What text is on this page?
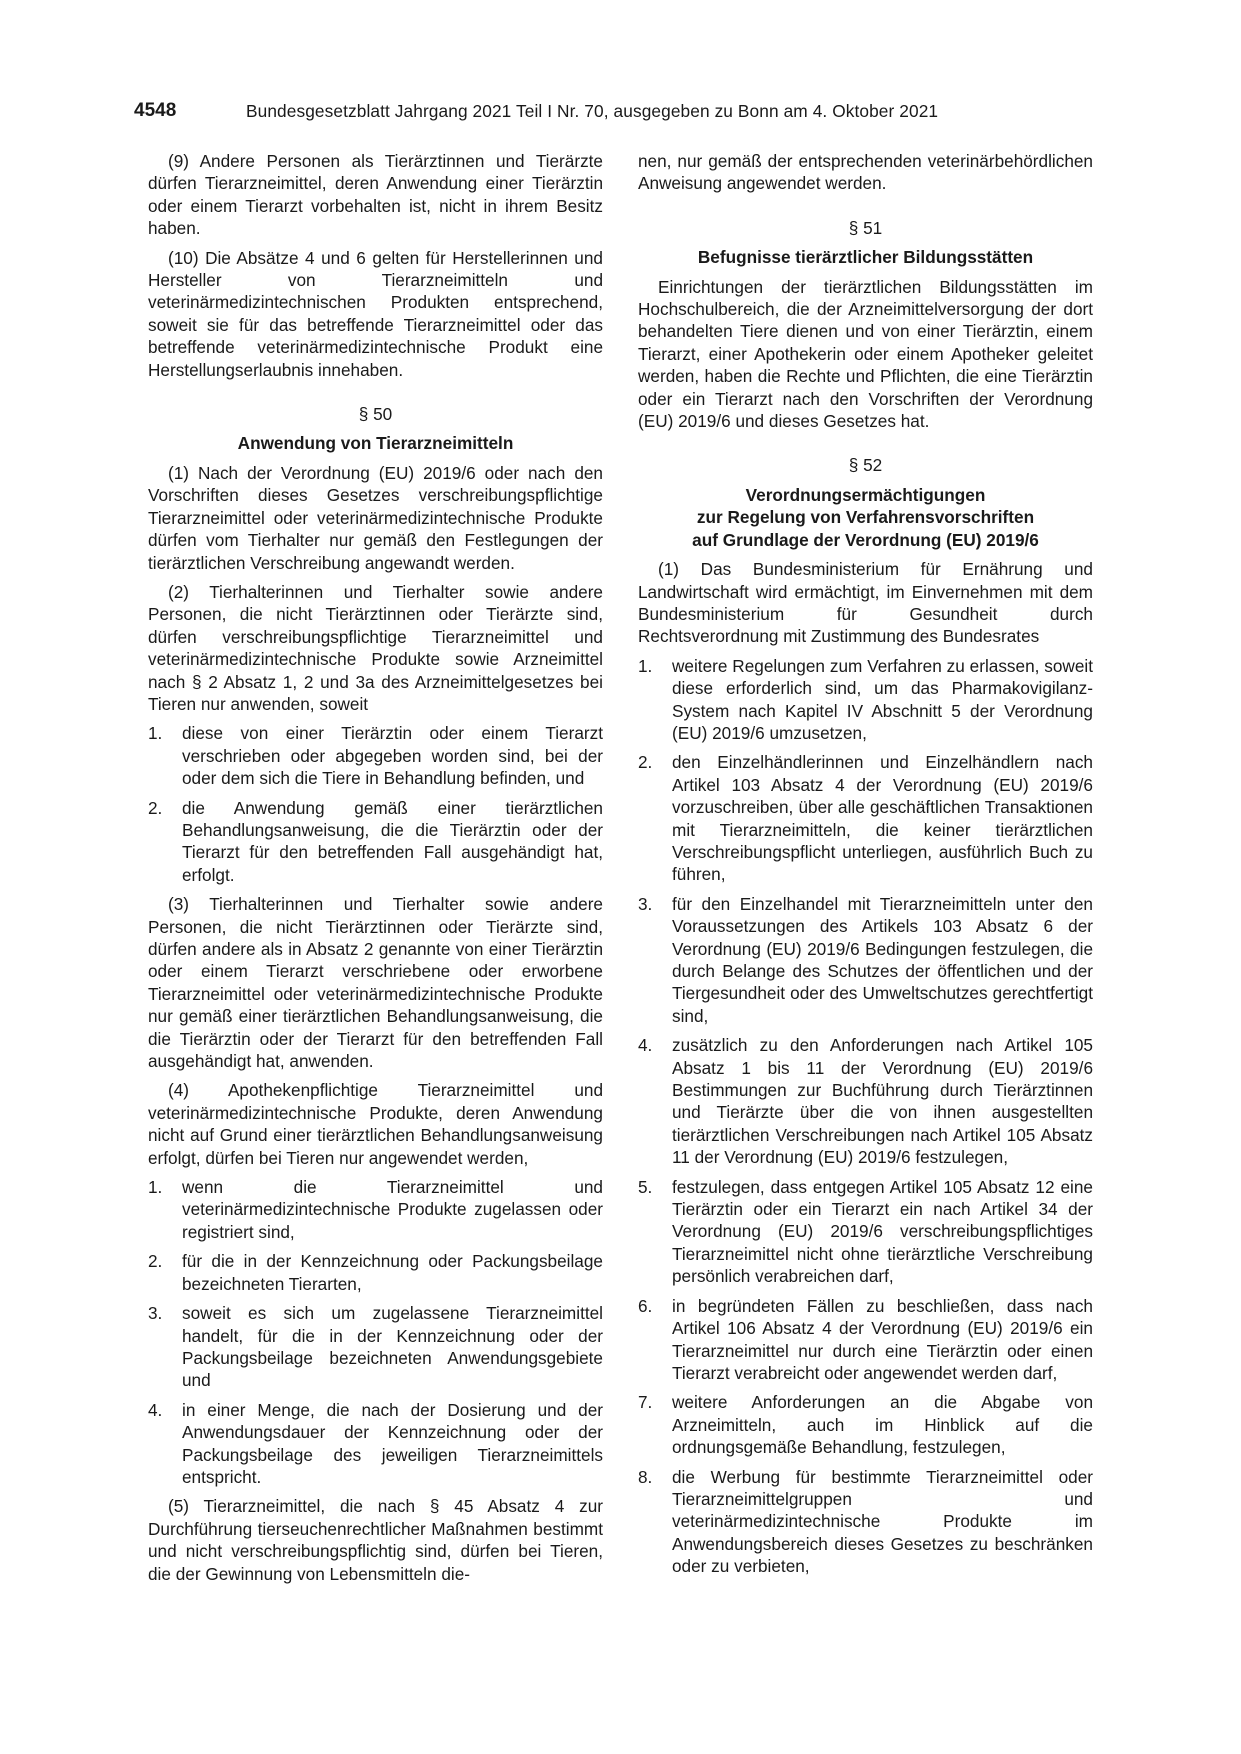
4548	Bundesgesetzblatt Jahrgang 2021 Teil I Nr. 70, ausgegeben zu Bonn am 4. Oktober 2021

(9) Andere Personen als Tierärztinnen und Tierärzte dürfen Tierarzneimittel, deren Anwendung einer Tierärztin oder einem Tierarzt vorbehalten ist, nicht in ihrem Besitz haben.

(10) Die Absätze 4 und 6 gelten für Herstellerinnen und Hersteller von Tierarzneimitteln und veterinärmedizintechnischen Produkten entsprechend, soweit sie für das betreffende Tierarzneimittel oder das betreffende veterinärmedizintechnische Produkt eine Herstellungserlaubnis innehaben.

§ 50

Anwendung von Tierarzneimitteln

(1) Nach der Verordnung (EU) 2019/6 oder nach den Vorschriften dieses Gesetzes verschreibungspflichtige Tierarzneimittel oder veterinärmedizintechnische Produkte dürfen vom Tierhalter nur gemäß den Festlegungen der tierärztlichen Verschreibung angewandt werden.

(2) Tierhalterinnen und Tierhalter sowie andere Personen, die nicht Tierärztinnen oder Tierärzte sind, dürfen verschreibungspflichtige Tierarzneimittel und veterinärmedizintechnische Produkte sowie Arzneimittel nach § 2 Absatz 1, 2 und 3a des Arzneimittelgesetzes bei Tieren nur anwenden, soweit

1.	diese von einer Tierärztin oder einem Tierarzt verschrieben oder abgegeben worden sind, bei der oder dem sich die Tiere in Behandlung befinden, und
2.	die Anwendung gemäß einer tierärztlichen Behandlungsanweisung, die die Tierärztin oder der Tierarzt für den betreffenden Fall ausgehändigt hat, erfolgt.

(3) Tierhalterinnen und Tierhalter sowie andere Personen, die nicht Tierärztinnen oder Tierärzte sind, dürfen andere als in Absatz 2 genannte von einer Tierärztin oder einem Tierarzt verschriebene oder erworbene Tierarzneimittel oder veterinärmedizintechnische Produkte nur gemäß einer tierärztlichen Behandlungsanweisung, die die Tierärztin oder der Tierarzt für den betreffenden Fall ausgehändigt hat, anwenden.

(4) Apothekenpflichtige Tierarzneimittel und veterinärmedizintechnische Produkte, deren Anwendung nicht auf Grund einer tierärztlichen Behandlungsanweisung erfolgt, dürfen bei Tieren nur angewendet werden,

1.	wenn die Tierarzneimittel und veterinärmedizintechnische Produkte zugelassen oder registriert sind,
2.	für die in der Kennzeichnung oder Packungsbeilage bezeichneten Tierarten,
3.	soweit es sich um zugelassene Tierarzneimittel handelt, für die in der Kennzeichnung oder der Packungsbeilage bezeichneten Anwendungsgebiete und
4.	in einer Menge, die nach der Dosierung und der Anwendungsdauer der Kennzeichnung oder der Packungsbeilage des jeweiligen Tierarzneimittels entspricht.

(5) Tierarzneimittel, die nach § 45 Absatz 4 zur Durchführung tierseuchenrechtlicher Maßnahmen bestimmt und nicht verschreibungspflichtig sind, dürfen bei Tieren, die der Gewinnung von Lebensmitteln die-

nen, nur gemäß der entsprechenden veterinärbehördlichen Anweisung angewendet werden.

§ 51

Befugnisse tierärztlicher Bildungsstätten

Einrichtungen der tierärztlichen Bildungsstätten im Hochschulbereich, die der Arzneimittelversorgung der dort behandelten Tiere dienen und von einer Tierärztin, einem Tierarzt, einer Apothekerin oder einem Apotheker geleitet werden, haben die Rechte und Pflichten, die eine Tierärztin oder ein Tierarzt nach den Vorschriften der Verordnung (EU) 2019/6 und dieses Gesetzes hat.

§ 52

Verordnungsermächtigungen
zur Regelung von Verfahrensvorschriften
auf Grundlage der Verordnung (EU) 2019/6

(1) Das Bundesministerium für Ernährung und Landwirtschaft wird ermächtigt, im Einvernehmen mit dem Bundesministerium für Gesundheit durch Rechtsverordnung mit Zustimmung des Bundesrates

1.	weitere Regelungen zum Verfahren zu erlassen, soweit diese erforderlich sind, um das Pharmakovigilanz-System nach Kapitel IV Abschnitt 5 der Verordnung (EU) 2019/6 umzusetzen,
2.	den Einzelhändlerinnen und Einzelhändlern nach Artikel 103 Absatz 4 der Verordnung (EU) 2019/6 vorzuschreiben, über alle geschäftlichen Transaktionen mit Tierarzneimitteln, die keiner tierärztlichen Verschreibungspflicht unterliegen, ausführlich Buch zu führen,
3.	für den Einzelhandel mit Tierarzneimitteln unter den Voraussetzungen des Artikels 103 Absatz 6 der Verordnung (EU) 2019/6 Bedingungen festzulegen, die durch Belange des Schutzes der öffentlichen und der Tiergesundheit oder des Umweltschutzes gerechtfertigt sind,
4.	zusätzlich zu den Anforderungen nach Artikel 105 Absatz 1 bis 11 der Verordnung (EU) 2019/6 Bestimmungen zur Buchführung durch Tierärztinnen und Tierärzte über die von ihnen ausgestellten tierärztlichen Verschreibungen nach Artikel 105 Absatz 11 der Verordnung (EU) 2019/6 festzulegen,
5.	festzulegen, dass entgegen Artikel 105 Absatz 12 eine Tierärztin oder ein Tierarzt ein nach Artikel 34 der Verordnung (EU) 2019/6 verschreibungspflichtiges Tierarzneimittel nicht ohne tierärztliche Verschreibung persönlich verabreichen darf,
6.	in begründeten Fällen zu beschließen, dass nach Artikel 106 Absatz 4 der Verordnung (EU) 2019/6 ein Tierarzneimittel nur durch eine Tierärztin oder einen Tierarzt verabreicht oder angewendet werden darf,
7.	weitere Anforderungen an die Abgabe von Arzneimitteln, auch im Hinblick auf die ordnungsgemäße Behandlung, festzulegen,
8.	die Werbung für bestimmte Tierarzneimittel oder Tierarzneimittelgruppen und veterinärmedizintechnische Produkte im Anwendungsbereich dieses Gesetzes zu beschränken oder zu verbieten,
